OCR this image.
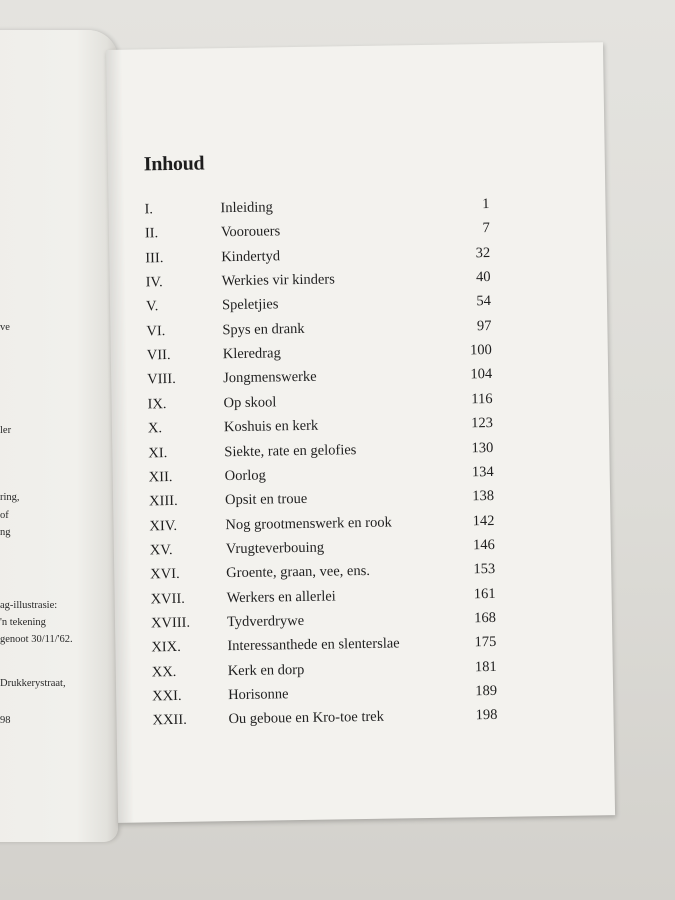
ve
ler
ring,
of
ng
ag-illustrasie:
'n tekening
genoot 30/11/'62.
Drukkerystraat,
98
Inhoud
I.	Inleiding	1
II.	Voorouers	7
III.	Kindertyd	32
IV.	Werkies vir kinders	40
V.	Speletjies	54
VI.	Spys en drank	97
VII.	Kleredrag	100
VIII.	Jongmenswerke	104
IX.	Op skool	116
X.	Koshuis en kerk	123
XI.	Siekte, rate en gelofies	130
XII.	Oorlog	134
XIII.	Opsit en troue	138
XIV.	Nog grootmenswerk en rook	142
XV.	Vrugteverbouing	146
XVI.	Groente, graan, vee, ens.	153
XVII.	Werkers en allerlei	161
XVIII.	Tydverdrywe	168
XIX.	Interessanthede en slenterslae	175
XX.	Kerk en dorp	181
XXI.	Horisonne	189
XXII.	Ou geboue en Kro-toe trek	198
